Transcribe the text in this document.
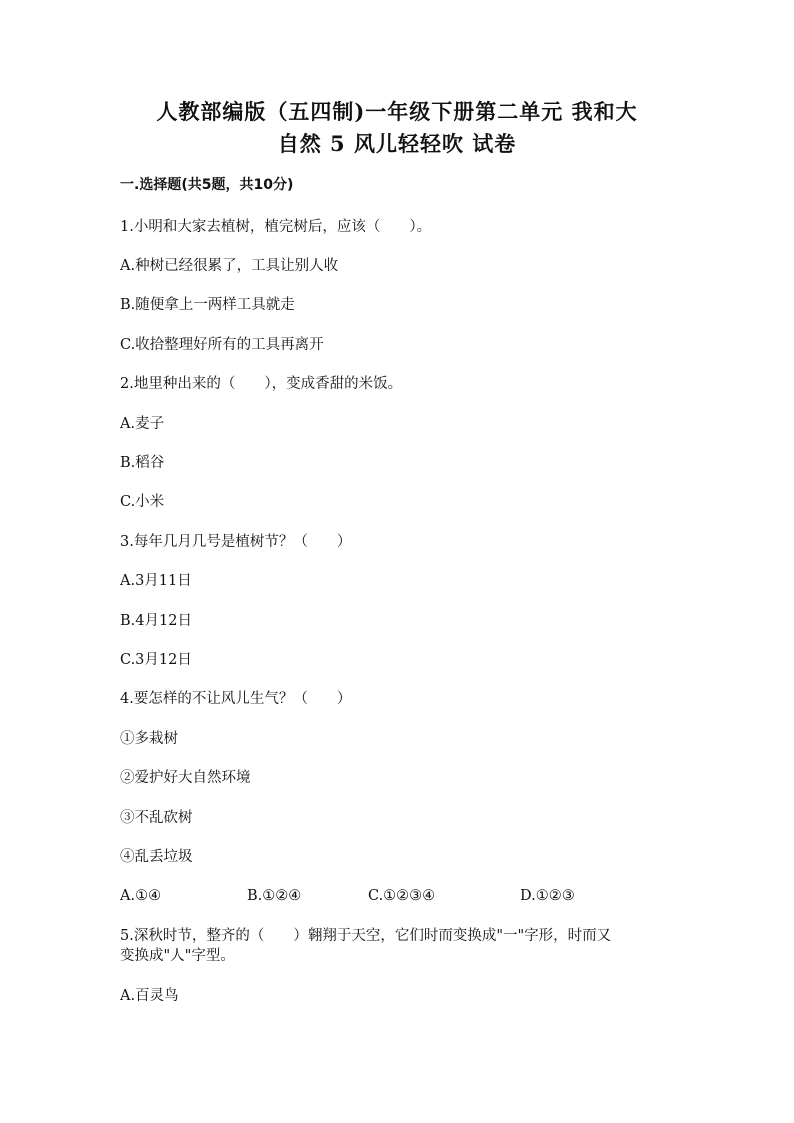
人教部编版（五四制)一年级下册第二单元 我和大
自然 5 风儿轻轻吹 试卷
一.选择题(共5题，共10分)
1.小明和大家去植树，植完树后，应该（　　）。
A.种树已经很累了，工具让别人收
B.随便拿上一两样工具就走
C.收拾整理好所有的工具再离开
2.地里种出来的（　　），变成香甜的米饭。
A.麦子
B.稻谷
C.小米
3.每年几月几号是植树节？（　　）
A.3月11日
B.4月12日
C.3月12日
4.要怎样的不让风儿生气？（　　）
①多栽树
②爱护好大自然环境
③不乱砍树
④乱丢垃圾
A.①④	B.①②④	C.①②③④	D.①②③
5.深秋时节，整齐的（　　）翱翔于天空，它们时而变换成"一"字形，时而又
变换成"人"字型。
A.百灵鸟
